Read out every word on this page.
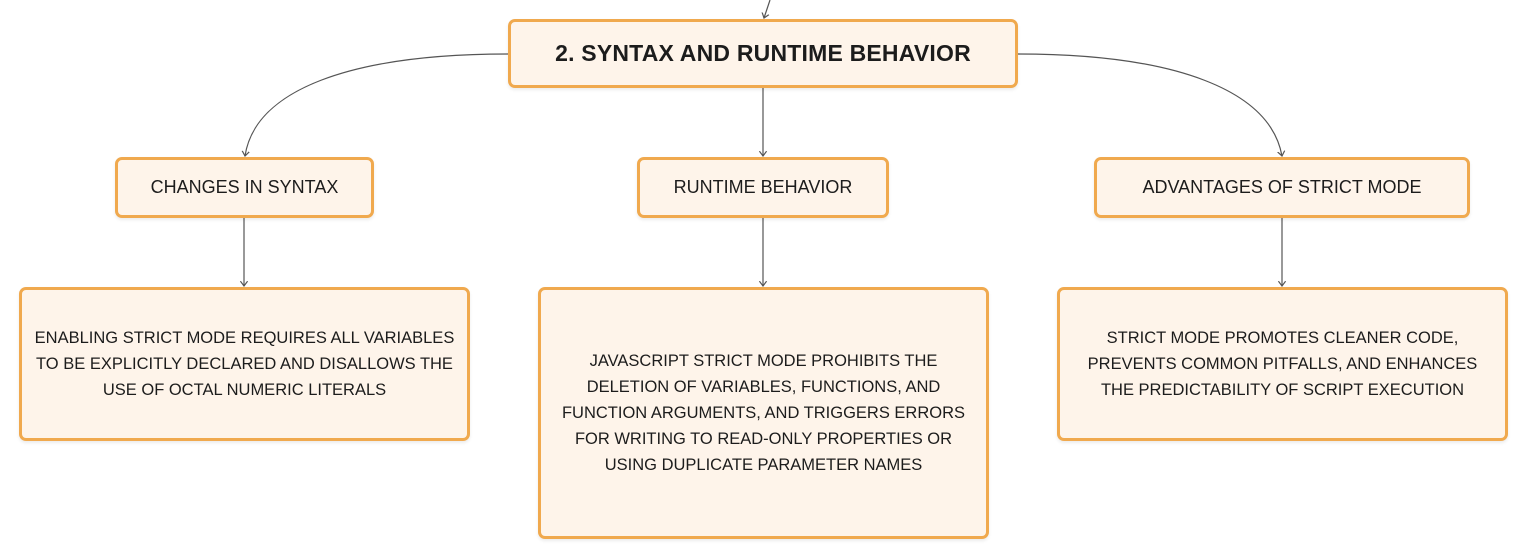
2. SYNTAX AND RUNTIME BEHAVIOR
CHANGES IN SYNTAX	RUNTIME BEHAVIOR	ADVANTAGES OF STRICT MODE
ENABLING STRICT MODE REQUIRES ALL VARIABLES TO BE EXPLICITLY DECLARED AND DISALLOWS THE USE OF OCTAL NUMERIC LITERALS
JAVASCRIPT STRICT MODE PROHIBITS THE DELETION OF VARIABLES, FUNCTIONS, AND FUNCTION ARGUMENTS, AND TRIGGERS ERRORS FOR WRITING TO READ-ONLY PROPERTIES OR USING DUPLICATE PARAMETER NAMES
STRICT MODE PROMOTES CLEANER CODE, PREVENTS COMMON PITFALLS, AND ENHANCES THE PREDICTABILITY OF SCRIPT EXECUTION
